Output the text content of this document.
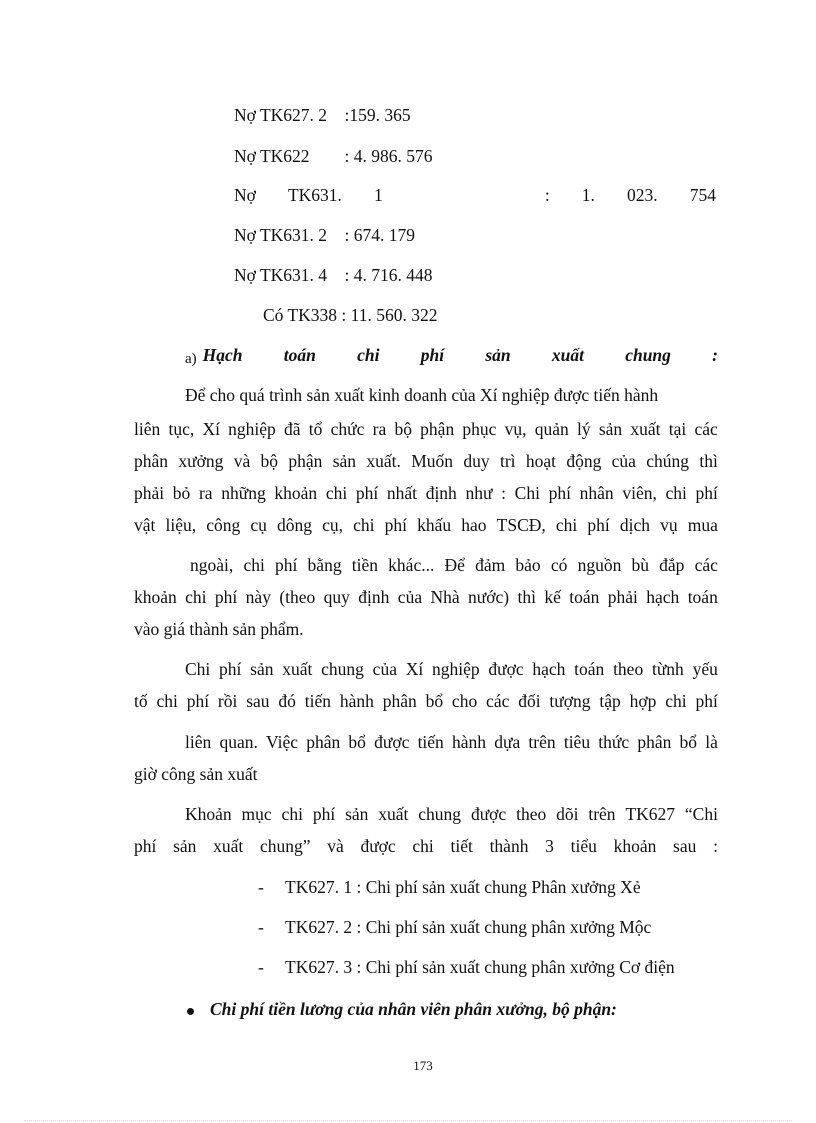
Nợ TK627. 2    :159. 365
Nợ TK622        : 4. 986. 576
Nợ TK631. 1	: 1. 023. 754
Nợ TK631. 2    : 674. 179
Nợ TK631. 4    : 4. 716. 448
Có TK338 : 11. 560. 322
a) Hạch toán chi phí sản xuất chung :
Để cho quá trình sản xuất kinh doanh của Xí nghiệp được tiến hành
liên tục, Xí nghiệp đã tổ chức ra bộ phận phục vụ, quản lý sản xuất tại các
phân xưởng và bộ phận sản xuất. Muốn duy trì hoạt động của chúng thì
phải bỏ ra những khoản chi phí nhất định như : Chi phí nhân viên, chi phí
vật liệu, công cụ dông cụ, chi phí khấu hao TSCĐ, chi phí dịch vụ mua
ngoài, chi phí bằng tiền khác... Để đảm bảo có nguồn bù đắp các
khoản chi phí này (theo quy định của Nhà nước) thì kế toán phải hạch toán
vào giá thành sản phẩm.
Chi phí sản xuất chung của Xí nghiệp được hạch toán theo từnh yếu
tố chi phí rồi sau đó tiến hành phân bổ cho các đối tượng tập hợp chi phí
liên quan. Việc phân bổ được tiến hành dựa trên tiêu thức phân bổ là
giờ công sản xuất
Khoản mục chi phí sản xuất chung được theo dõi trên TK627 “Chi
phí sản xuất chung” và được chi tiết thành 3 tiểu khoản sau :
- TK627. 1 : Chi phí sản xuất chung Phân xưởng Xẻ
- TK627. 2 : Chi phí sản xuất chung phân xưởng Mộc
- TK627. 3 : Chi phí sản xuất chung phân xưởng Cơ điện
Chi phí tiền lương của nhân viên phân xưởng, bộ phận:
173
